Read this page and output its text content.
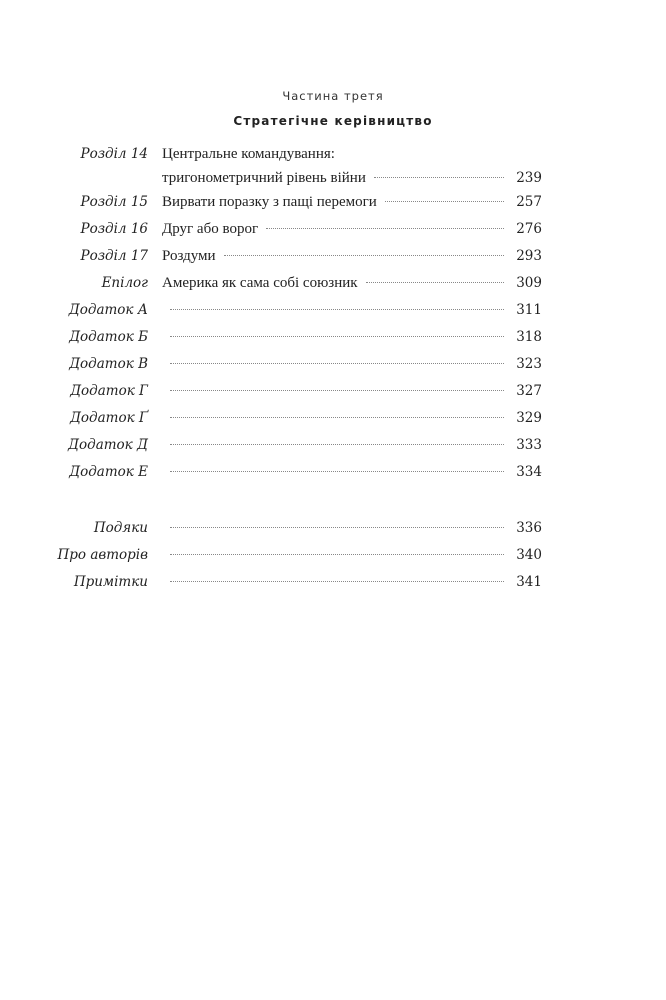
Частина третя
Стратегічне керівництво
Розділ 14 Центральне командування:
тригонометричний рівень війни	239
Розділ 15 Вирвати поразку з пащі перемоги	257
Розділ 16 Друг або ворог	276
Розділ 17 Роздуми	293
Епілог Америка як сама собі союзник	309
Додаток А	311
Додаток Б	318
Додаток В	323
Додаток Г	327
Додаток Ґ	329
Додаток Д	333
Додаток Е	334
Подяки	336
Про авторів	340
Примітки	341
